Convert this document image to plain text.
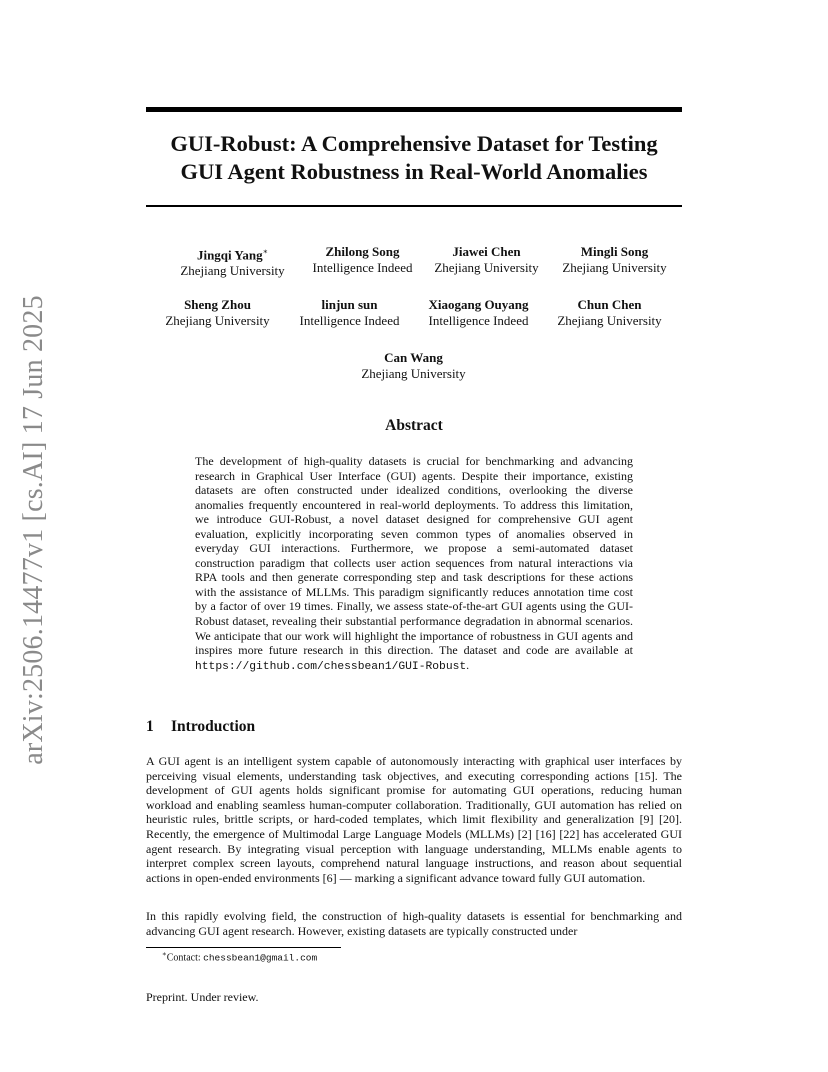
arXiv:2506.14477v1 [cs.AI] 17 Jun 2025
GUI-Robust: A Comprehensive Dataset for Testing
GUI Agent Robustness in Real-World Anomalies
Jingqi Yang∗
Zhejiang University
Zhilong Song
Intelligence Indeed
Jiawei Chen
Zhejiang University
Mingli Song
Zhejiang University
Sheng Zhou
Zhejiang University
linjun sun
Intelligence Indeed
Xiaogang Ouyang
Intelligence Indeed
Chun Chen
Zhejiang University
Can Wang
Zhejiang University
Abstract

The development of high-quality datasets is crucial for benchmarking and advancing research in Graphical User Interface (GUI) agents. Despite their importance, existing datasets are often constructed under idealized conditions, overlooking the diverse anomalies frequently encountered in real-world deployments. To address this limitation, we introduce GUI-Robust, a novel dataset designed for comprehensive GUI agent evaluation, explicitly incorporating seven common types of anomalies observed in everyday GUI interactions. Furthermore, we propose a semi-automated dataset construction paradigm that collects user action sequences from natural interactions via RPA tools and then generate corresponding step and task descriptions for these actions with the assistance of MLLMs. This paradigm significantly reduces annotation time cost by a factor of over 19 times. Finally, we assess state-of-the-art GUI agents using the GUI-Robust dataset, revealing their substantial performance degradation in abnormal scenarios. We anticipate that our work will highlight the importance of robustness in GUI agents and inspires more future research in this direction. The dataset and code are available at https://github.com/chessbean1/GUI-Robust.

1 Introduction

A GUI agent is an intelligent system capable of autonomously interacting with graphical user interfaces by perceiving visual elements, understanding task objectives, and executing corresponding actions [15]. The development of GUI agents holds significant promise for automating GUI operations, reducing human workload and enabling seamless human-computer collaboration. Traditionally, GUI automation has relied on heuristic rules, brittle scripts, or hard-coded templates, which limit flexibility and generalization [9] [20]. Recently, the emergence of Multimodal Large Language Models (MLLMs) [2] [16] [22] has accelerated GUI agent research. By integrating visual perception with language understanding, MLLMs enable agents to interpret complex screen layouts, comprehend natural language instructions, and reason about sequential actions in open-ended environments [6] — marking a significant advance toward fully GUI automation.

In this rapidly evolving field, the construction of high-quality datasets is essential for benchmarking and advancing GUI agent research. However, existing datasets are typically constructed under

∗Contact: chessbean1@gmail.com
Preprint. Under review.
